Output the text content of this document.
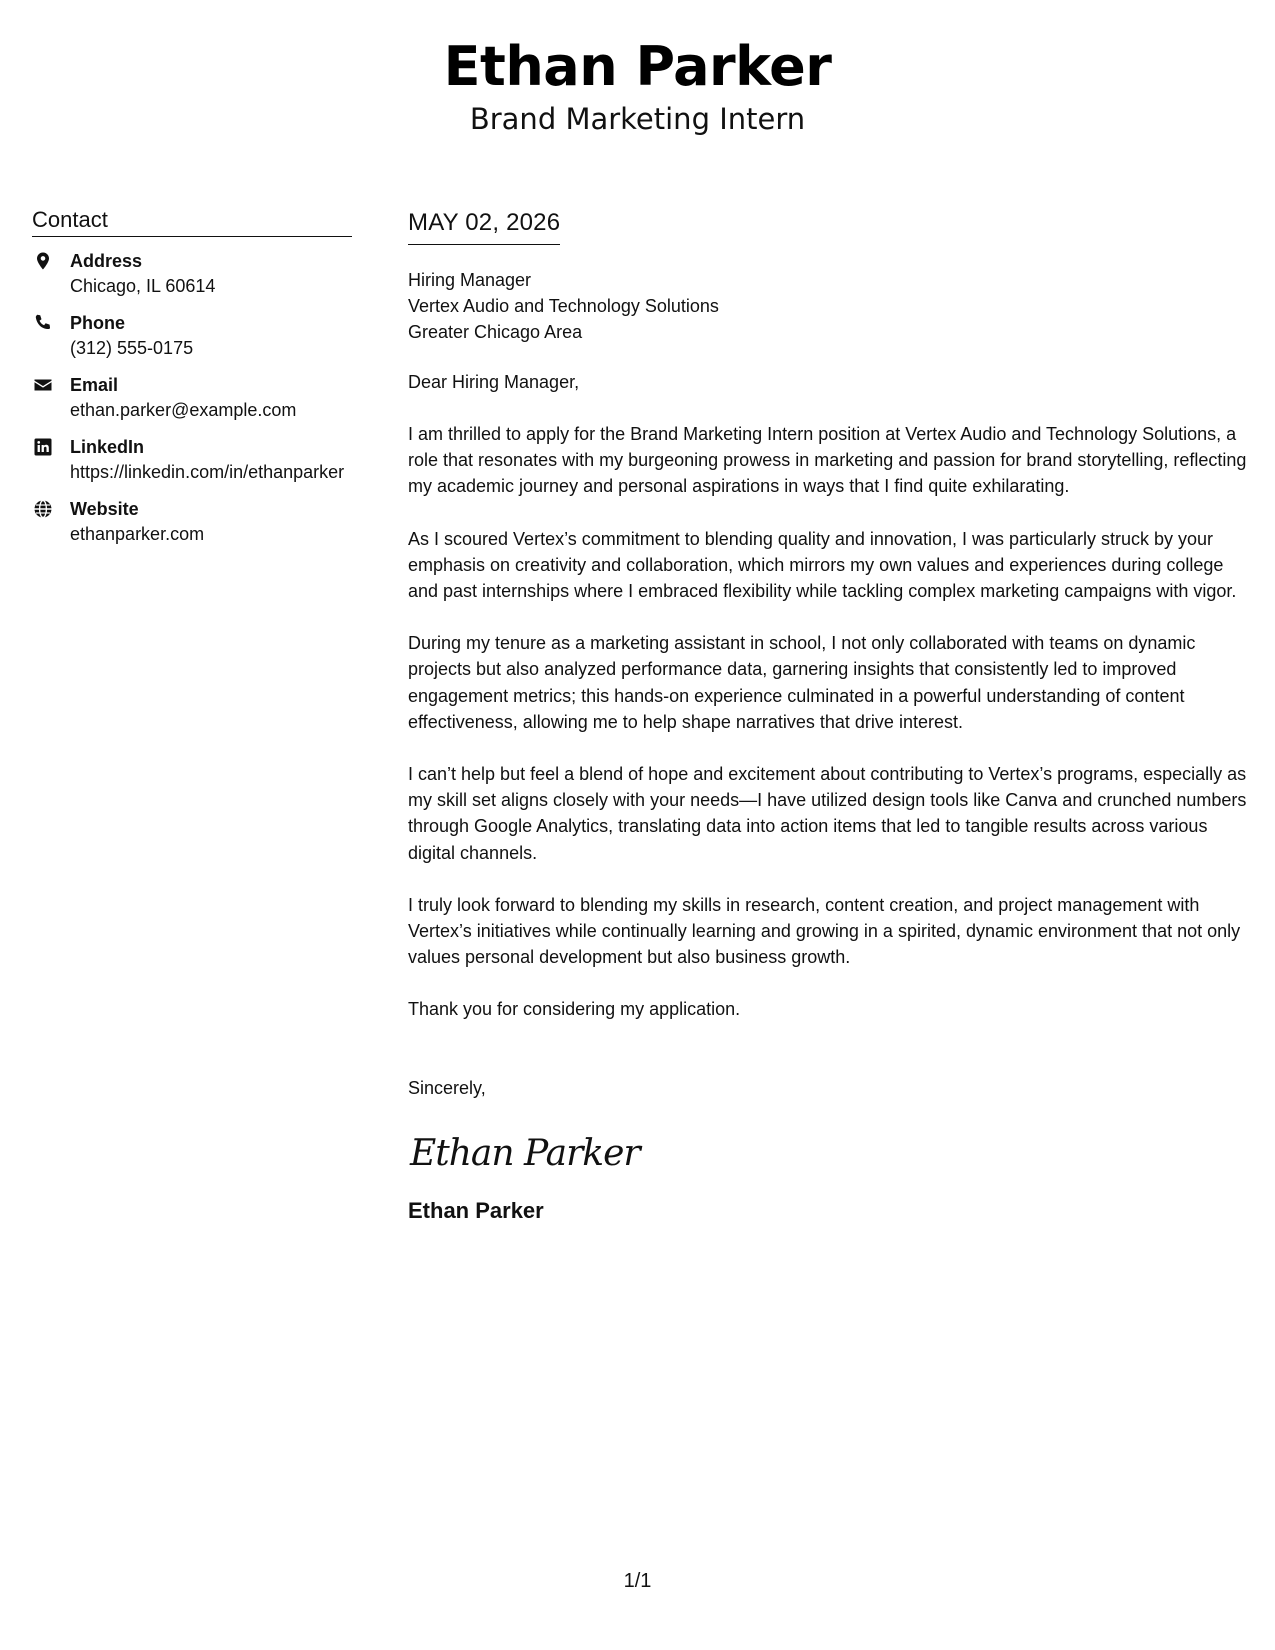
Ethan Parker
Brand Marketing Intern
Contact
Address
Chicago, IL 60614
Phone
(312) 555-0175
Email
ethan.parker@example.com
LinkedIn
https://linkedin.com/in/ethanparker
Website
ethanparker.com
MAY 02, 2026
Hiring Manager
Vertex Audio and Technology Solutions
Greater Chicago Area
Dear Hiring Manager,
I am thrilled to apply for the Brand Marketing Intern position at Vertex Audio and Technology Solutions, a role that resonates with my burgeoning prowess in marketing and passion for brand storytelling, reflecting my academic journey and personal aspirations in ways that I find quite exhilarating.
As I scoured Vertex’s commitment to blending quality and innovation, I was particularly struck by your emphasis on creativity and collaboration, which mirrors my own values and experiences during college and past internships where I embraced flexibility while tackling complex marketing campaigns with vigor.
During my tenure as a marketing assistant in school, I not only collaborated with teams on dynamic projects but also analyzed performance data, garnering insights that consistently led to improved engagement metrics; this hands-on experience culminated in a powerful understanding of content effectiveness, allowing me to help shape narratives that drive interest.
I can’t help but feel a blend of hope and excitement about contributing to Vertex’s programs, especially as my skill set aligns closely with your needs—I have utilized design tools like Canva and crunched numbers through Google Analytics, translating data into action items that led to tangible results across various digital channels.
I truly look forward to blending my skills in research, content creation, and project management with Vertex’s initiatives while continually learning and growing in a spirited, dynamic environment that not only values personal development but also business growth.
Thank you for considering my application.
Sincerely,
Ethan Parker
Ethan Parker
1/1
